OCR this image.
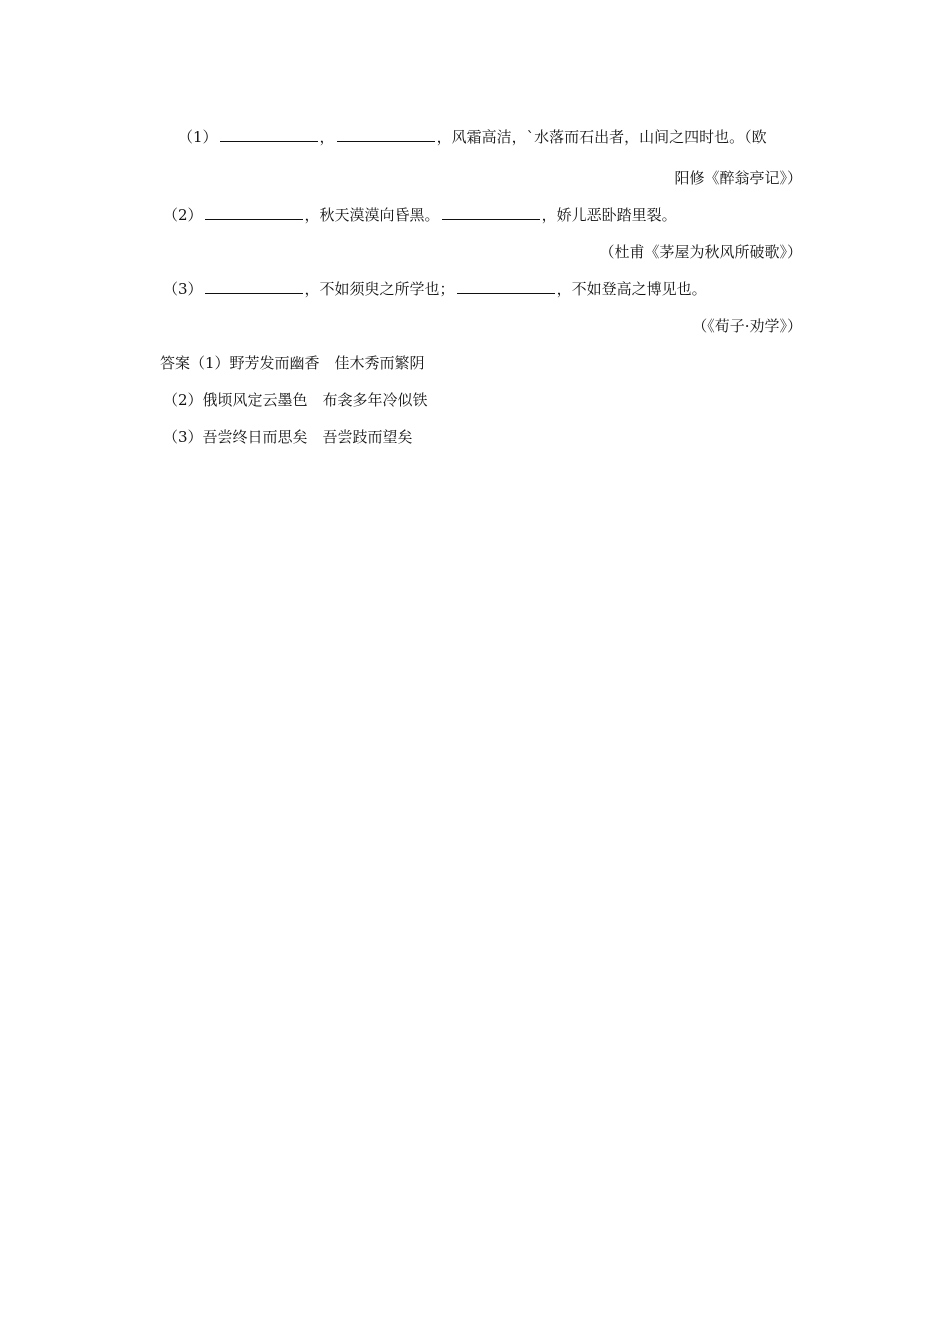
（1）	，	，风霜高洁，`水落而石出者，山间之四时也。（欧
阳修《醉翁亭记》）
（2）	，秋天漠漠向昏黑。	，娇儿恶卧踏里裂。
（杜甫《茅屋为秋风所破歌》）
（3）	，不如须臾之所学也；	，不如登高之博见也。
（《荀子·劝学》）
答案（1）野芳发而幽香　佳木秀而繁阴
（2）俄顷风定云墨色　布衾多年冷似铁
（3）吾尝终日而思矣　吾尝跂而望矣
